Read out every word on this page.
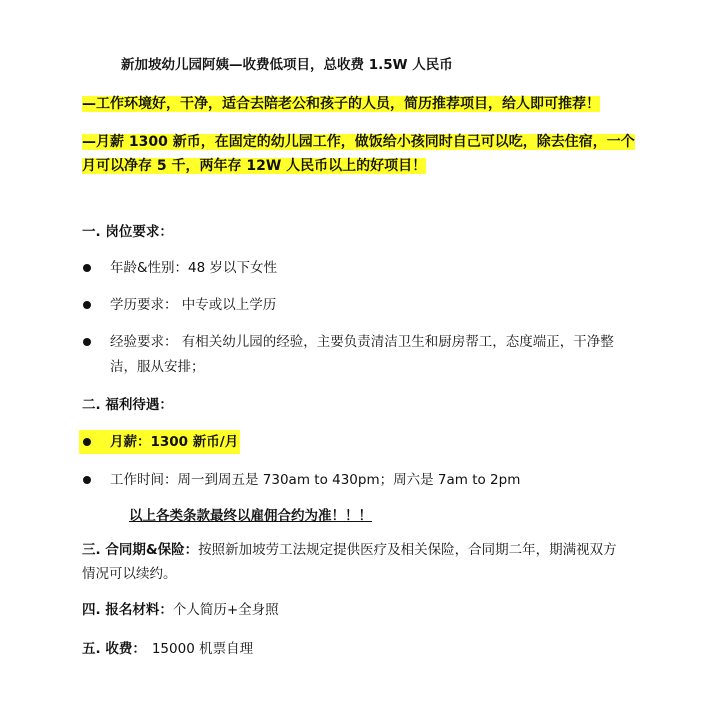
新加坡幼儿园阿姨—收费低项目，总收费 1.5W 人民币
—工作环境好，干净，适合去陪老公和孩子的人员，简历推荐项目，给人即可推荐！
—月薪 1300 新币，在固定的幼儿园工作，做饭给小孩同时自己可以吃，除去住宿，一个
月可以净存 5 千，两年存 12W 人民币以上的好项目！
一. 岗位要求：
年龄&性别：48 岁以下女性
学历要求： 中专或以上学历
经验要求： 有相关幼儿园的经验，主要负责清洁卫生和厨房帮工，态度端正，干净整
洁，服从安排；
二. 福利待遇：
月薪：1300 新币/月
工作时间：周一到周五是 730am to 430pm；周六是 7am to 2pm
以上各类条款最终以雇佣合约为准！！！
三. 合同期&保险：按照新加坡劳工法规定提供医疗及相关保险，合同期二年，期满视双方
情况可以续约。
四. 报名材料：个人简历+全身照
五. 收费： 15000 机票自理
